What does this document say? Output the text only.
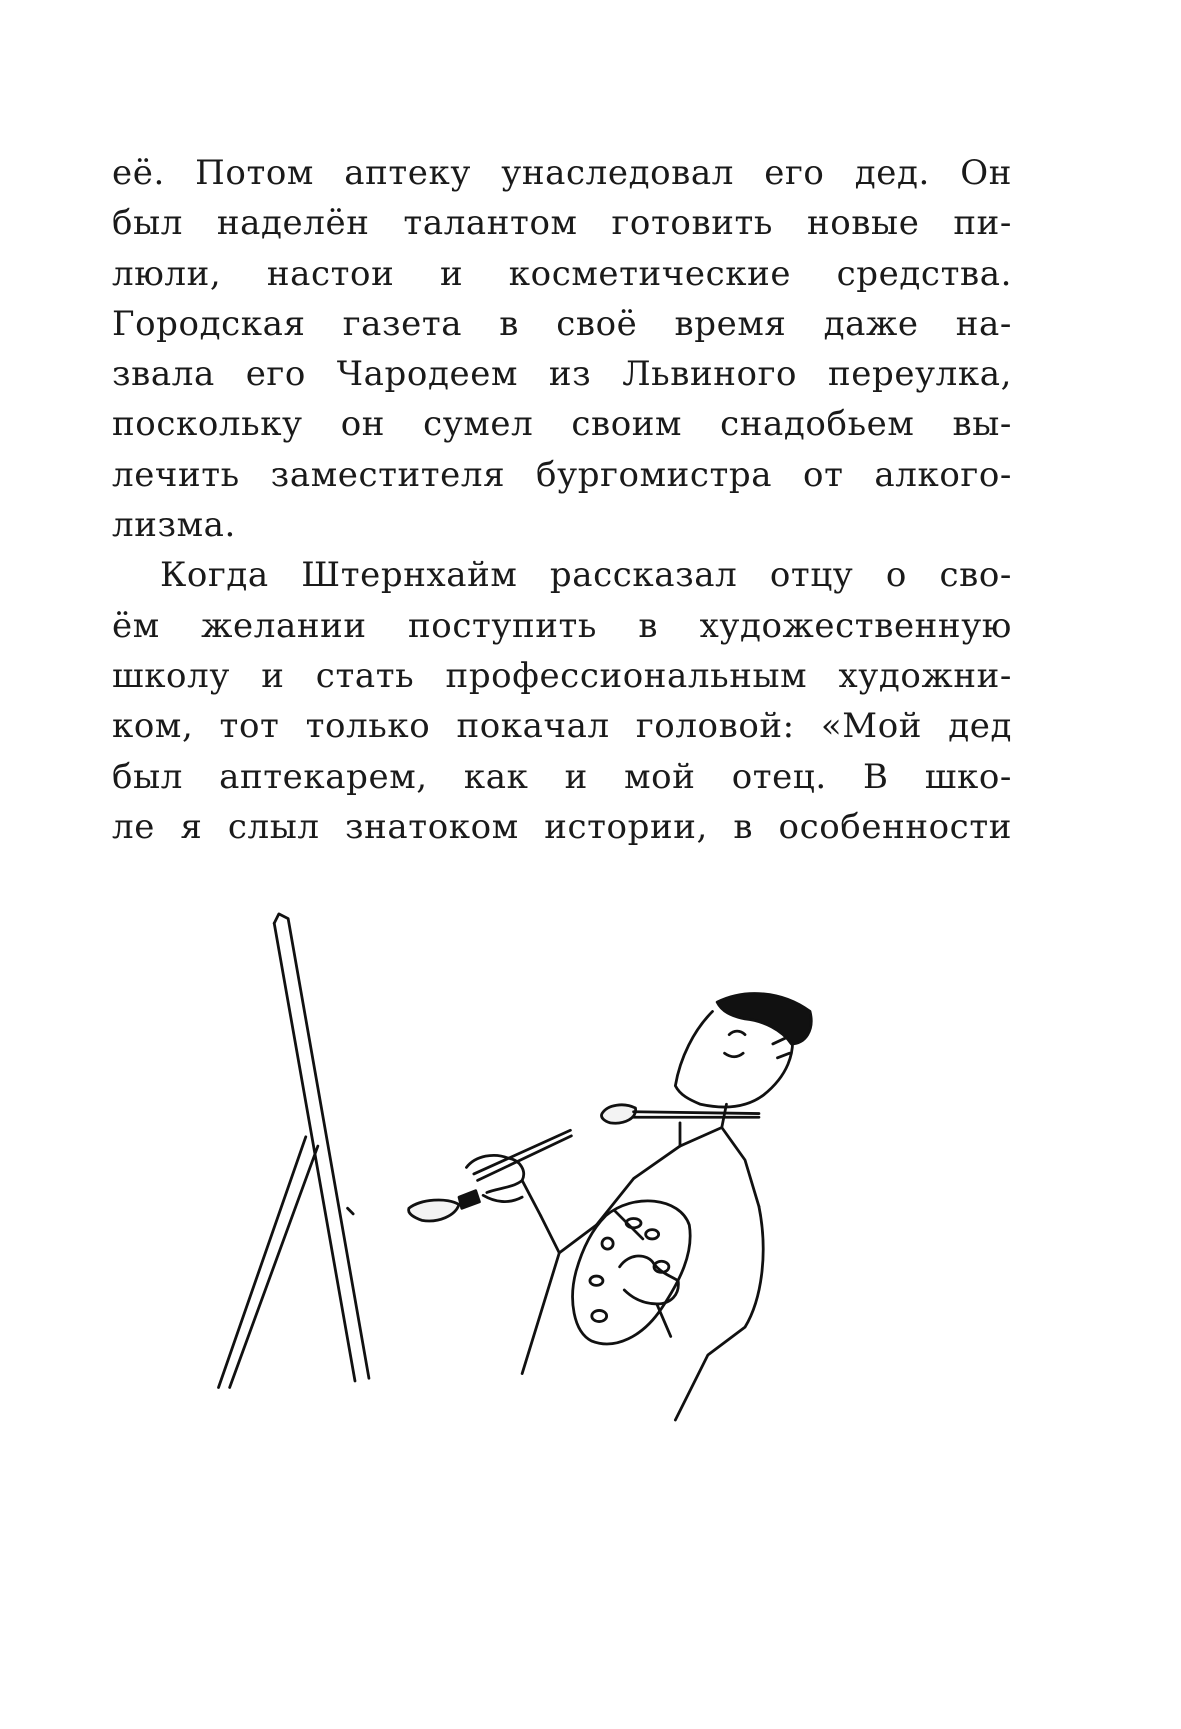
её. Потом аптеку унаследовал его дед. Он
был наделён талантом готовить новые пи-
люли, настои и косметические средства.
Городская газета в своё время даже на-
звала его Чародеем из Львиного переулка,
поскольку он сумел своим снадобьем вы-
лечить заместителя бургомистра от алкого-
лизма.
Когда Штернхайм рассказал отцу о сво-
ём желании поступить в художественную
школу и стать профессиональным художни-
ком, тот только покачал головой: «Мой дед
был аптекарем, как и мой отец. В шко-
ле я слыл знатоком истории, в особенности
